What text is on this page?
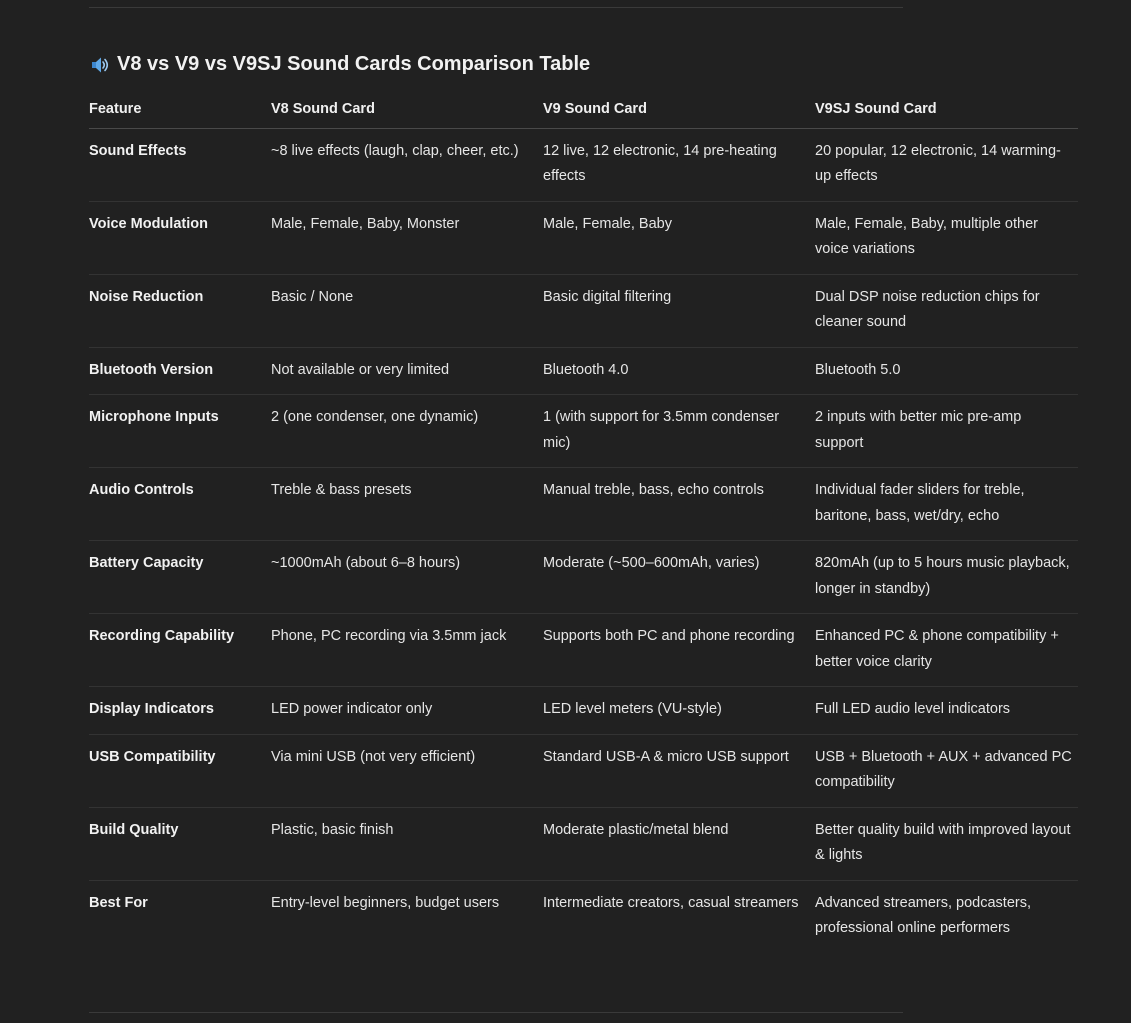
V8 vs V9 vs V9SJ Sound Cards Comparison Table
Feature	V8 Sound Card	V9 Sound Card	V9SJ Sound Card
Sound Effects	~8 live effects (laugh, clap, cheer, etc.)	12 live, 12 electronic, 14 pre-heating effects	20 popular, 12 electronic, 14 warming-up effects
Voice Modulation	Male, Female, Baby, Monster	Male, Female, Baby	Male, Female, Baby, multiple other voice variations
Noise Reduction	Basic / None	Basic digital filtering	Dual DSP noise reduction chips for cleaner sound
Bluetooth Version	Not available or very limited	Bluetooth 4.0	Bluetooth 5.0
Microphone Inputs	2 (one condenser, one dynamic)	1 (with support for 3.5mm condenser mic)	2 inputs with better mic pre-amp support
Audio Controls	Treble & bass presets	Manual treble, bass, echo controls	Individual fader sliders for treble, baritone, bass, wet/dry, echo
Battery Capacity	~1000mAh (about 6–8 hours)	Moderate (~500–600mAh, varies)	820mAh (up to 5 hours music playback, longer in standby)
Recording Capability	Phone, PC recording via 3.5mm jack	Supports both PC and phone recording	Enhanced PC & phone compatibility + better voice clarity
Display Indicators	LED power indicator only	LED level meters (VU-style)	Full LED audio level indicators
USB Compatibility	Via mini USB (not very efficient)	Standard USB-A & micro USB support	USB + Bluetooth + AUX + advanced PC compatibility
Build Quality	Plastic, basic finish	Moderate plastic/metal blend	Better quality build with improved layout & lights
Best For	Entry-level beginners, budget users	Intermediate creators, casual streamers	Advanced streamers, podcasters, professional online performers
